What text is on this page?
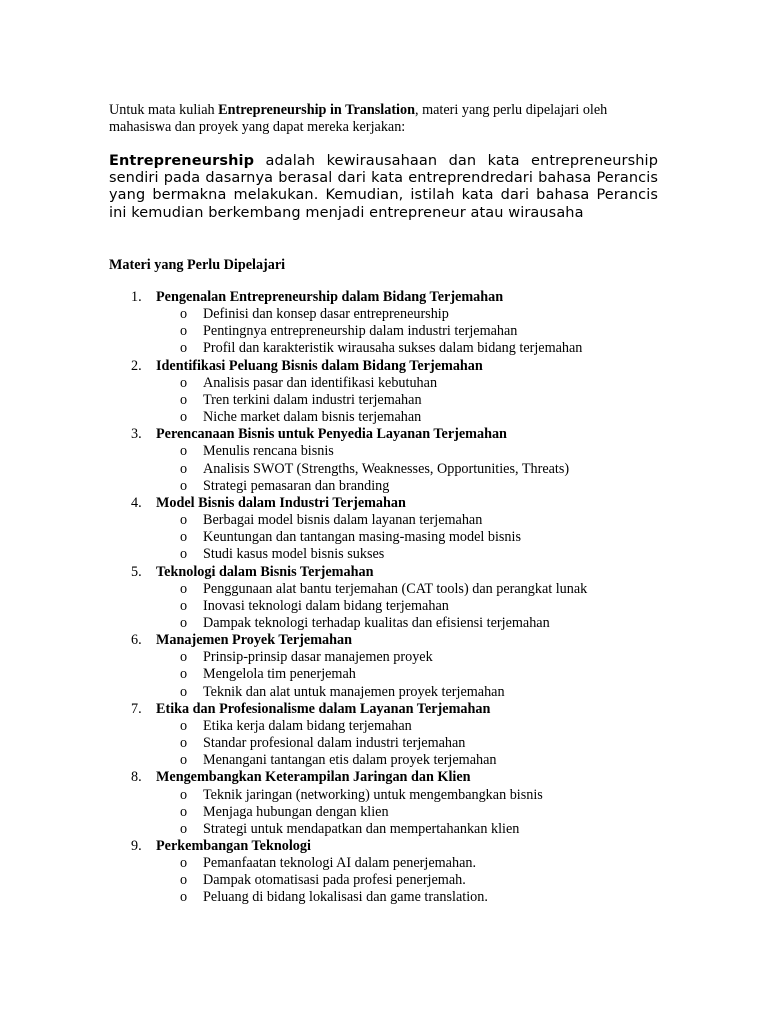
Untuk mata kuliah Entrepreneurship in Translation, materi yang perlu dipelajari oleh mahasiswa dan proyek yang dapat mereka kerjakan:

Entrepreneurship adalah kewirausahaan dan kata entrepreneurship sendiri pada dasarnya berasal dari kata entreprendredari bahasa Perancis yang bermakna melakukan. Kemudian, istilah kata dari bahasa Perancis ini kemudian berkembang menjadi entrepreneur atau wirausaha

Materi yang Perlu Dipelajari

1. Pengenalan Entrepreneurship dalam Bidang Terjemahan
o Definisi dan konsep dasar entrepreneurship
o Pentingnya entrepreneurship dalam industri terjemahan
o Profil dan karakteristik wirausaha sukses dalam bidang terjemahan
2. Identifikasi Peluang Bisnis dalam Bidang Terjemahan
o Analisis pasar dan identifikasi kebutuhan
o Tren terkini dalam industri terjemahan
o Niche market dalam bisnis terjemahan
3. Perencanaan Bisnis untuk Penyedia Layanan Terjemahan
o Menulis rencana bisnis
o Analisis SWOT (Strengths, Weaknesses, Opportunities, Threats)
o Strategi pemasaran dan branding
4. Model Bisnis dalam Industri Terjemahan
o Berbagai model bisnis dalam layanan terjemahan
o Keuntungan dan tantangan masing-masing model bisnis
o Studi kasus model bisnis sukses
5. Teknologi dalam Bisnis Terjemahan
o Penggunaan alat bantu terjemahan (CAT tools) dan perangkat lunak
o Inovasi teknologi dalam bidang terjemahan
o Dampak teknologi terhadap kualitas dan efisiensi terjemahan
6. Manajemen Proyek Terjemahan
o Prinsip-prinsip dasar manajemen proyek
o Mengelola tim penerjemah
o Teknik dan alat untuk manajemen proyek terjemahan
7. Etika dan Profesionalisme dalam Layanan Terjemahan
o Etika kerja dalam bidang terjemahan
o Standar profesional dalam industri terjemahan
o Menangani tantangan etis dalam proyek terjemahan
8. Mengembangkan Keterampilan Jaringan dan Klien
o Teknik jaringan (networking) untuk mengembangkan bisnis
o Menjaga hubungan dengan klien
o Strategi untuk mendapatkan dan mempertahankan klien
9. Perkembangan Teknologi
o Pemanfaatan teknologi AI dalam penerjemahan.
o Dampak otomatisasi pada profesi penerjemah.
o Peluang di bidang lokalisasi dan game translation.
